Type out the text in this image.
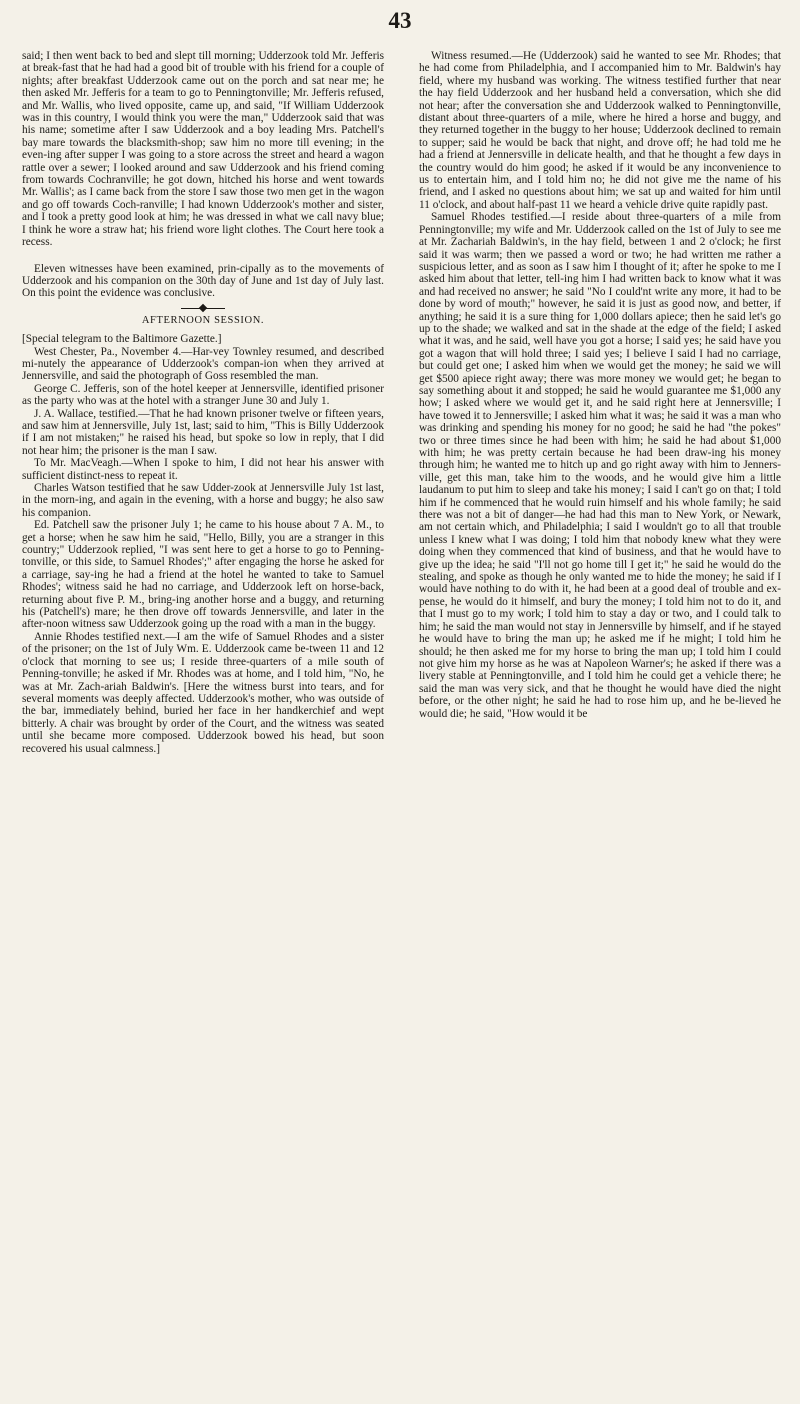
43

said; I then went back to bed and slept till morning; Udderzook told Mr. Jefferis at break-fast that he had had a good bit of trouble with his friend for a couple of nights; after breakfast Udderzook came out on the porch and sat near me; he then asked Mr. Jefferis for a team to go to Penningtonville; Mr. Jefferis refused, and Mr. Wallis, who lived opposite, came up, and said, "If William Udderzook was in this country, I would think you were the man," Udderzook said that was his name; sometime after I saw Udderzook and a boy leading Mrs. Patchell's bay mare towards the blacksmith-shop; saw him no more till evening; in the even-ing after supper I was going to a store across the street and heard a wagon rattle over a sewer; I looked around and saw Udderzook and his friend coming from towards Cochranville; he got down, hitched his horse and went towards Mr. Wallis'; as I came back from the store I saw those two men get in the wagon and go off towards Coch-ranville; I had known Udderzook's mother and sister, and I took a pretty good look at him; he was dressed in what we call navy blue; I think he wore a straw hat; his friend wore light clothes. The Court here took a recess.

Eleven witnesses have been examined, prin-cipally as to the movements of Udderzook and his companion on the 30th day of June and 1st day of July last. On this point the evidence was conclusive.

AFTERNOON SESSION.

[Special telegram to the Baltimore Gazette.]

West Chester, Pa., November 4.—Har-vey Townley resumed, and described mi-nutely the appearance of Udderzook's compan-ion when they arrived at Jennersville, and said the photograph of Goss resembled the man.

George C. Jefferis, son of the hotel keeper at Jennersville, identified prisoner as the party who was at the hotel with a stranger June 30 and July 1.

J. A. Wallace, testified.—That he had known prisoner twelve or fifteen years, and saw him at Jennersville, July 1st, last; said to him, "This is Billy Udderzook if I am not mistaken;" he raised his head, but spoke so low in reply, that I did not hear him; the prisoner is the man I saw.

To Mr. MacVeagh.—When I spoke to him, I did not hear his answer with sufficient distinct-ness to repeat it.

Charles Watson testified that he saw Udder-zook at Jennersville July 1st last, in the morn-ing, and again in the evening, with a horse and buggy; he also saw his companion.

Ed. Patchell saw the prisoner July 1; he came to his house about 7 A. M., to get a horse; when he saw him he said, "Hello, Billy, you are a stranger in this country;" Udderzook replied, "I was sent here to get a horse to go to Penning-tonville, or this side, to Samuel Rhodes';" after engaging the horse he asked for a carriage, say-ing he had a friend at the hotel he wanted to take to Samuel Rhodes'; witness said he had no carriage, and Udderzook left on horse-back, returning about five P. M., bring-ing another horse and a buggy, and returning his (Patchell's) mare; he then drove off towards Jennersville, and later in the after-noon witness saw Udderzook going up the road with a man in the buggy.

Annie Rhodes testified next.—I am the wife of Samuel Rhodes and a sister of the prisoner; on the 1st of July Wm. E. Udderzook came be-tween 11 and 12 o'clock that morning to see us; I reside three-quarters of a mile south of Penning-tonville; he asked if Mr. Rhodes was at home, and I told him, "No, he was at Mr. Zach-ariah Baldwin's. [Here the witness burst into tears, and for several moments was deeply affected. Udderzook's mother, who was outside of the bar, immediately behind, buried her face in her handkerchief and wept bitterly. A chair was brought by order of the Court, and the witness was seated until she became more composed. Udderzook bowed his head, but soon recovered his usual calmness.]

Witness resumed.—He (Udderzook) said he wanted to see Mr. Rhodes; that he had come from Philadelphia, and I accompanied him to Mr. Baldwin's hay field, where my husband was working. The witness testified further that near the hay field Udderzook and her husband held a conversation, which she did not hear; after the conversation she and Udderzook walked to Penningtonville, distant about three-quarters of a mile, where he hired a horse and buggy, and they returned together in the buggy to her house; Udderzook declined to remain to supper; said he would be back that night, and drove off; he had told me he had a friend at Jennersville in delicate health, and that he thought a few days in the country would do him good; he asked if it would be any inconvenience to us to entertain him, and I told him no; he did not give me the name of his friend, and I asked no questions about him; we sat up and waited for him until 11 o'clock, and about half-past 11 we heard a vehicle drive quite rapidly past.

Samuel Rhodes testified.—I reside about three-quarters of a mile from Penningtonville; my wife and Mr. Udderzook called on the 1st of July to see me at Mr. Zachariah Baldwin's, in the hay field, between 1 and 2 o'clock; he first said it was warm; then we passed a word or two; he had written me rather a suspicious letter, and as soon as I saw him I thought of it; after he spoke to me I asked him about that letter, tell-ing him I had written back to know what it was and had received no answer; he said "No I could'nt write any more, it had to be done by word of mouth;" however, he said it is just as good now, and better, if anything; he said it is a sure thing for 1,000 dollars apiece; then he said let's go up to the shade; we walked and sat in the shade at the edge of the field; I asked what it was, and he said, well have you got a horse; I said yes; he said have you got a wagon that will hold three; I said yes; I believe I said I had no carriage, but could get one; I asked him when we would get the money; he said we will get $500 apiece right away; there was more money we would get; he began to say something about it and stopped; he said he would guarantee me $1,000 any how; I asked where we would get it, and he said right here at Jennersville; I have towed it to Jennersville; I asked him what it was; he said it was a man who was drinking and spending his money for no good; he said he had "the pokes" two or three times since he had been with him; he said he had about $1,000 with him; he was pretty certain because he had been draw-ing his money through him; he wanted me to hitch up and go right away with him to Jenners-ville, get this man, take him to the woods, and he would give him a little laudanum to put him to sleep and take his money; I said I can't go on that; I told him if he commenced that he would ruin himself and his whole family; he said there was not a bit of danger—he had had this man to New York, or Newark, am not certain which, and Philadelphia; I said I wouldn't go to all that trouble unless I knew what I was doing; I told him that nobody knew what they were doing when they commenced that kind of business, and that he would have to give up the idea; he said "I'll not go home till I get it;" he said he would do the stealing, and spoke as though he only wanted me to hide the money; he said if I would have nothing to do with it, he had been at a good deal of trouble and ex-pense, he would do it himself, and bury the money; I told him not to do it, and that I must go to my work; I told him to stay a day or two, and I could talk to him; he said the man would not stay in Jennersville by himself, and if he stayed he would have to bring the man up; he asked me if he might; I told him he should; he then asked me for my horse to bring the man up; I told him I could not give him my horse as he was at Napoleon Warner's; he asked if there was a livery stable at Penningtonville, and I told him he could get a vehicle there; he said the man was very sick, and that he thought he would have died the night before, or the other night; he said he had to rose him up, and he be-lieved he would die; he said, "How would it be
